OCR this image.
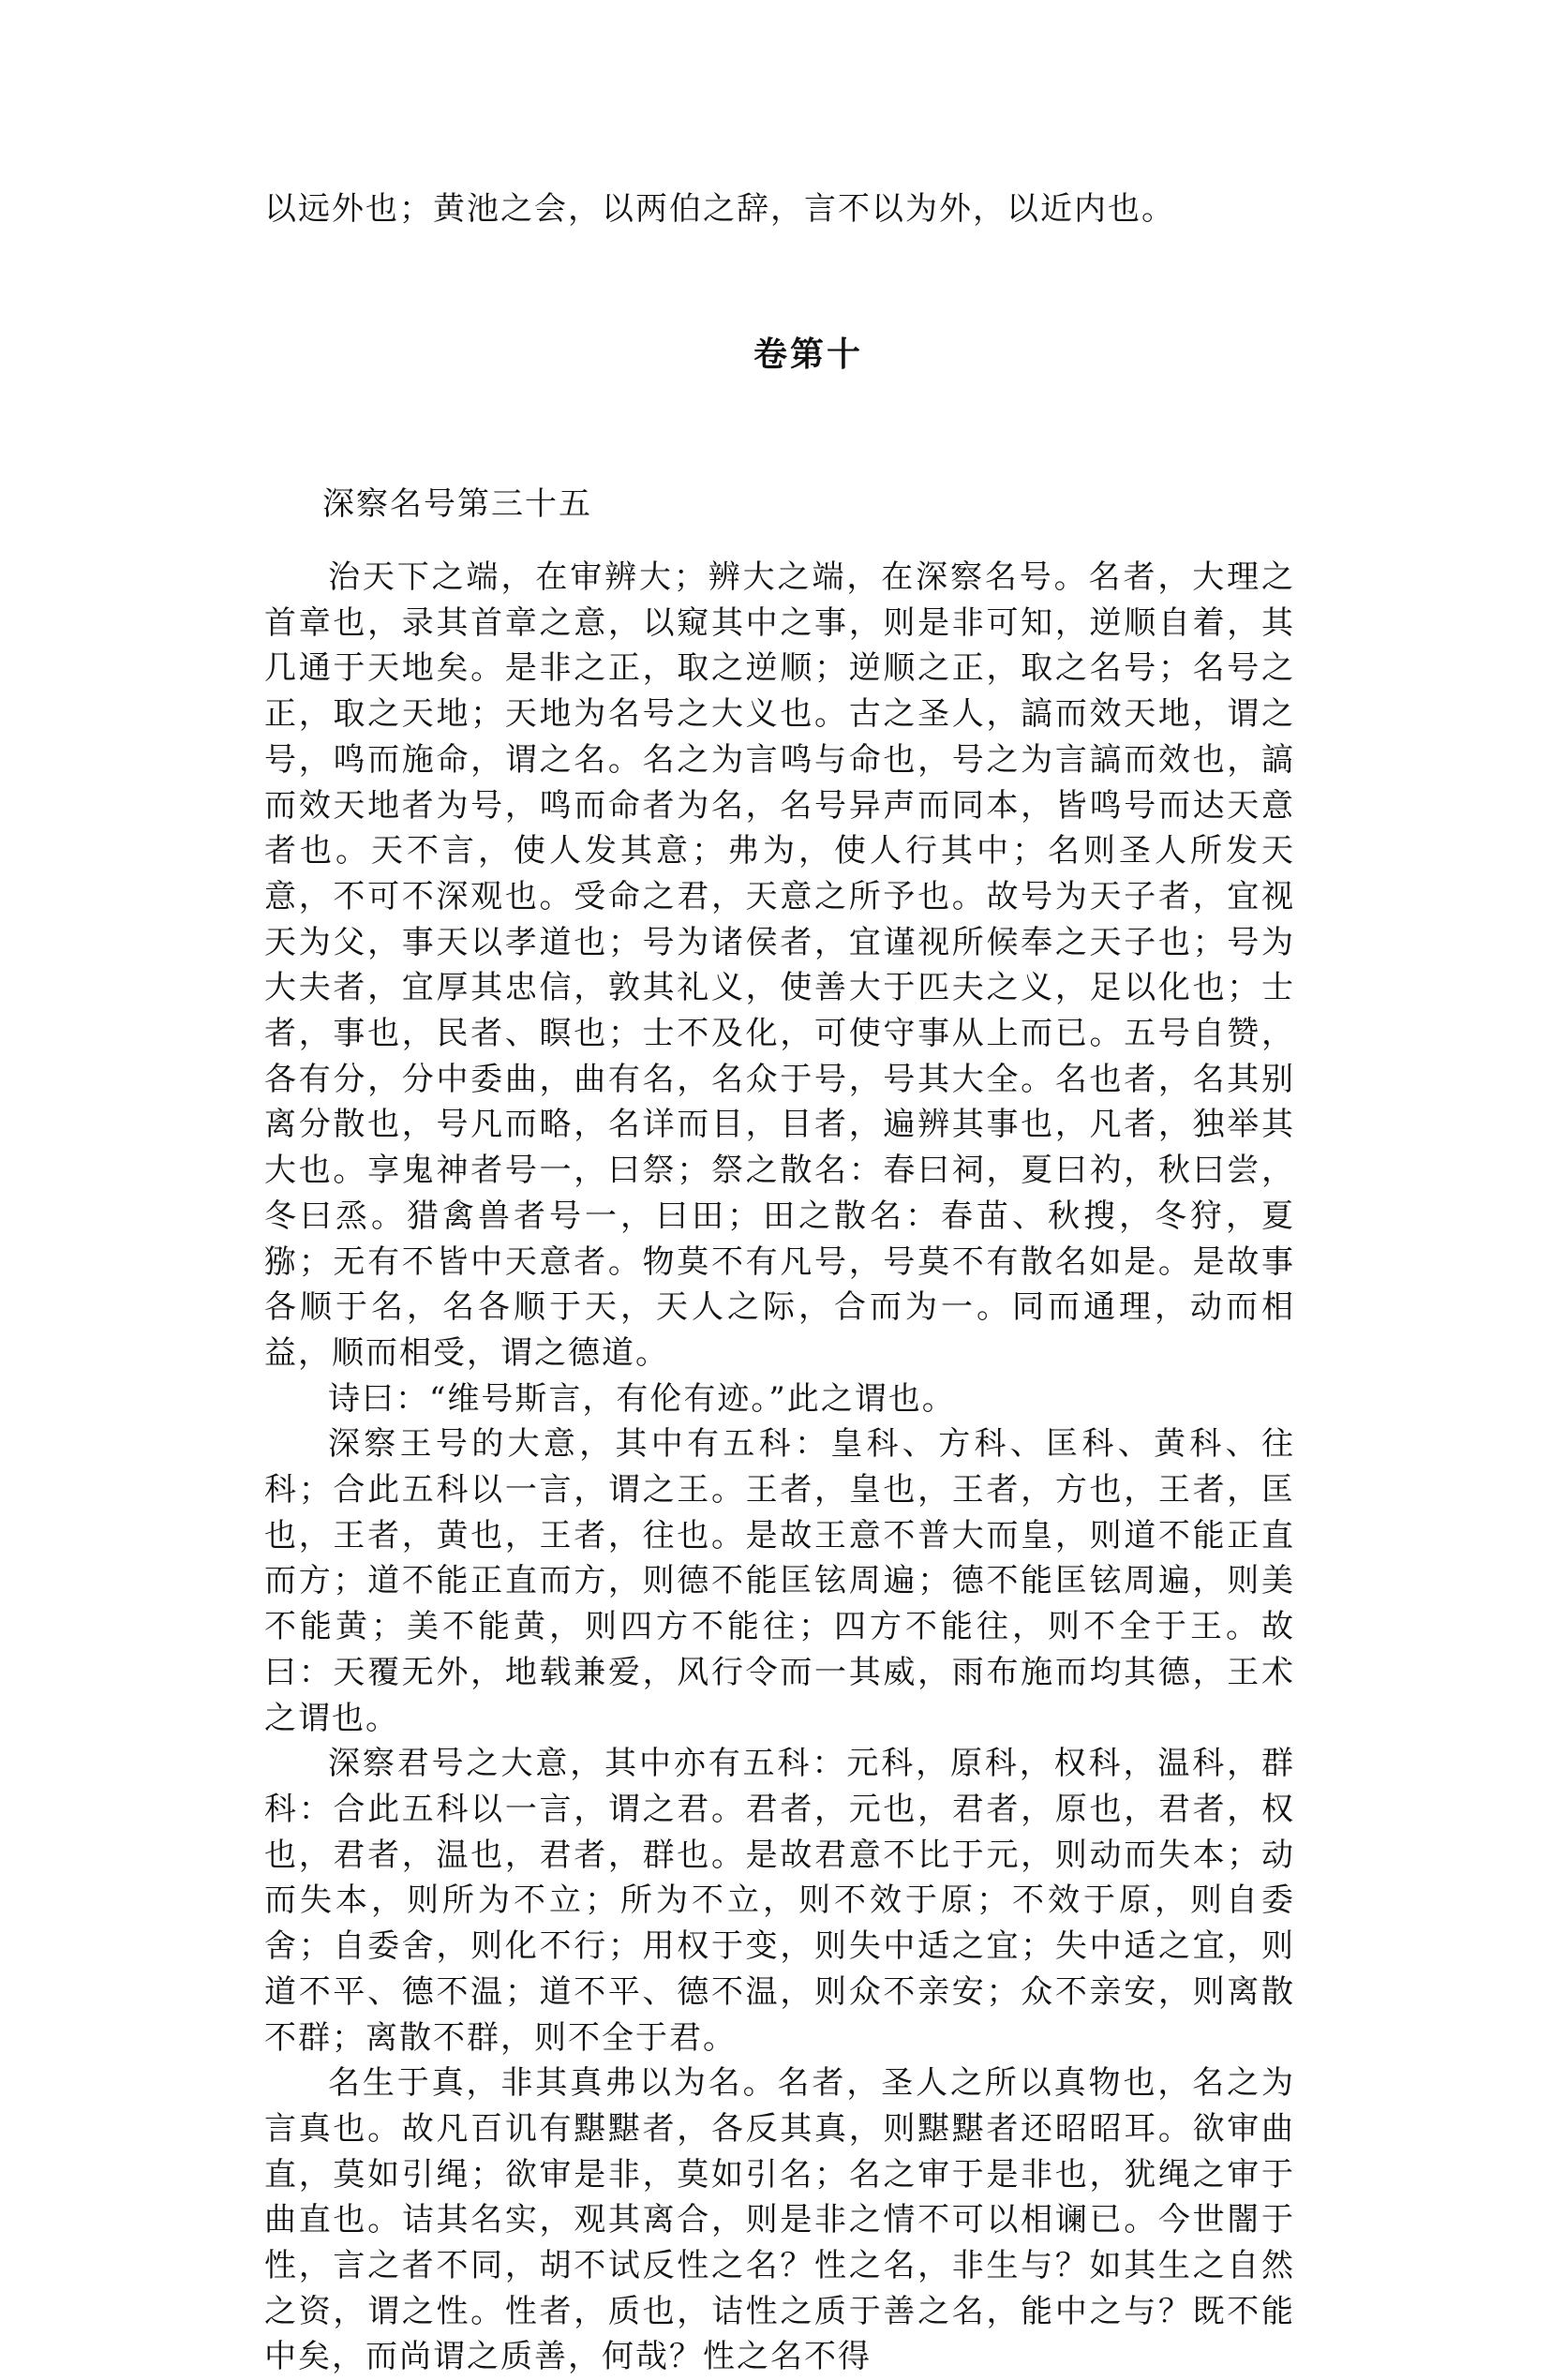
以远外也；黄池之会，以两伯之辞，言不以为外，以近内也。
卷第十
深察名号第三十五

治天下之端，在审辨大；辨大之端，在深察名号。名者，大理之首章也，录其首章之意，以窥其中之事，则是非可知，逆顺自着，其几通于天地矣。是非之正，取之逆顺；逆顺之正，取之名号；名号之正，取之天地；天地为名号之大义也。古之圣人，謞而效天地，谓之号，鸣而施命，谓之名。名之为言鸣与命也，号之为言謞而效也，謞而效天地者为号，鸣而命者为名，名号异声而同本，皆鸣号而达天意者也。天不言，使人发其意；弗为，使人行其中；名则圣人所发天意，不可不深观也。受命之君，天意之所予也。故号为天子者，宜视天为父，事天以孝道也；号为诸侯者，宜谨视所候奉之天子也；号为大夫者，宜厚其忠信，敦其礼义，使善大于匹夫之义，足以化也；士者，事也，民者、瞑也；士不及化，可使守事从上而已。五号自赞，各有分，分中委曲，曲有名，名众于号，号其大全。名也者，名其别离分散也，号凡而略，名详而目，目者，遍辨其事也，凡者，独举其大也。享鬼神者号一，曰祭；祭之散名：春曰祠，夏曰礿，秋曰尝，冬曰烝。猎禽兽者号一，曰田；田之散名：春苗、秋搜，冬狩，夏猕；无有不皆中天意者。物莫不有凡号，号莫不有散名如是。是故事各顺于名，名各顺于天，天人之际，合而为一。同而通理，动而相益，顺而相受，谓之德道。

诗曰：“维号斯言，有伦有迹。”此之谓也。

深察王号的大意，其中有五科：皇科、方科、匡科、黄科、往科；合此五科以一言，谓之王。王者，皇也，王者，方也，王者，匡也，王者，黄也，王者，往也。是故王意不普大而皇，则道不能正直而方；道不能正直而方，则德不能匡铉周遍；德不能匡铉周遍，则美不能黄；美不能黄，则四方不能往；四方不能往，则不全于王。故曰：天覆无外，地载兼爱，风行令而一其威，雨布施而均其德，王术之谓也。

深察君号之大意，其中亦有五科：元科，原科，权科，温科，群科：合此五科以一言，谓之君。君者，元也，君者，原也，君者，权也，君者，温也，君者，群也。是故君意不比于元，则动而失本；动而失本，则所为不立；所为不立，则不效于原；不效于原，则自委舍；自委舍，则化不行；用权于变，则失中适之宜；失中适之宜，则道不平、德不温；道不平、德不温，则众不亲安；众不亲安，则离散不群；离散不群，则不全于君。

名生于真，非其真弗以为名。名者，圣人之所以真物也，名之为言真也。故凡百讥有黮黮者，各反其真，则黮黮者还昭昭耳。欲审曲直，莫如引绳；欲审是非，莫如引名；名之审于是非也，犹绳之审于曲直也。诘其名实，观其离合，则是非之情不可以相谰已。今世闇于性，言之者不同，胡不试反性之名？性之名，非生与？如其生之自然之资，谓之性。性者，质也，诘性之质于善之名，能中之与？既不能中矣，而尚谓之质善，何哉？性之名不得
